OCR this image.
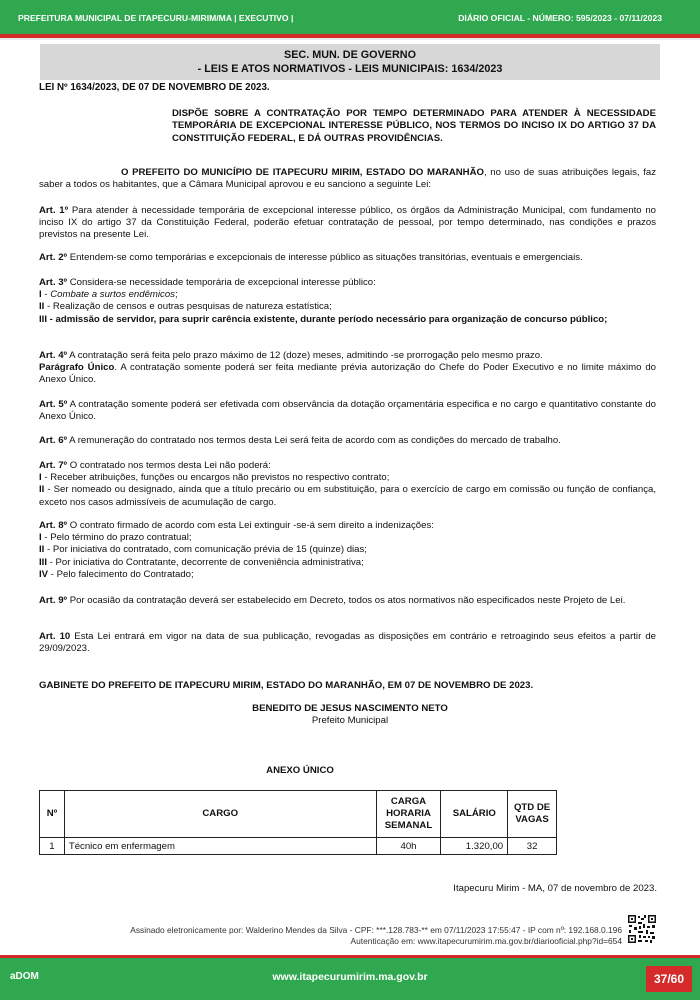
PREFEITURA MUNICIPAL DE ITAPECURU-MIRIM/MA | EXECUTIVO |	DIÁRIO OFICIAL - NÚMERO: 595/2023 - 07/11/2023
SEC. MUN. DE GOVERNO
- LEIS E ATOS NORMATIVOS - LEIS MUNICIPAIS: 1634/2023
LEI Nº 1634/2023, DE 07 DE NOVEMBRO DE 2023.
DISPÕE SOBRE A CONTRATAÇÃO POR TEMPO DETERMINADO PARA ATENDER À NECESSIDADE TEMPORÁRIA DE EXCEPCIONAL INTERESSE PÚBLICO, NOS TERMOS DO INCISO IX DO ARTIGO 37 DA CONSTITUIÇÃO FEDERAL, E DÁ OUTRAS PROVIDÊNCIAS.

O PREFEITO DO MUNICÍPIO DE ITAPECURU MIRIM, ESTADO DO MARANHÃO, no uso de suas atribuições legais, faz saber a todos os habitantes, que a Câmara Municipal aprovou e eu sanciono a seguinte Lei:

Art. 1º Para atender à necessidade temporária de excepcional interesse público, os órgãos da Administração Municipal, com fundamento no inciso IX do artigo 37 da Constituição Federal, poderão efetuar contratação de pessoal, por tempo determinado, nas condições e prazos previstos na presente Lei.

Art. 2º Entendem-se como temporárias e excepcionais de interesse público as situações transitórias, eventuais e emergenciais.

Art. 3º Considera-se necessidade temporária de excepcional interesse público:

I - Combate a surtos endêmicos;

II - Realização de censos e outras pesquisas de natureza estatística;

III - admissão de servidor, para suprir carência existente, durante período necessário para organização de concurso público;

Art. 4º A contratação será feita pelo prazo máximo de 12 (doze) meses, admitindo -se prorrogação pelo mesmo prazo.

Parágrafo Único. A contratação somente poderá ser feita mediante prévia autorização do Chefe do Poder Executivo e no limite máximo do Anexo Único.

Art. 5º A contratação somente poderá ser efetivada com observância da dotação orçamentária especifica e no cargo e quantitativo constante do Anexo Único.

Art. 6º A remuneração do contratado nos termos desta Lei será feita de acordo com as condições do mercado de trabalho.

Art. 7º O contratado nos termos desta Lei não poderá:

I - Receber atribuições, funções ou encargos não previstos no respectivo contrato;

II - Ser nomeado ou designado, ainda que a título precário ou em substituição, para o exercício de cargo em comissão ou função de confiança, exceto nos casos admissíveis de acumulação de cargo.

Art. 8º O contrato firmado de acordo com esta Lei extinguir -se-á sem direito a indenizações:

I - Pelo término do prazo contratual;

II - Por iniciativa do contratado, com comunicação prévia de 15 (quinze) dias;

III - Por iniciativa do Contratante, decorrente de conveniência administrativa;

IV - Pelo falecimento do Contratado;

Art. 9º Por ocasião da contratação deverá ser estabelecido em Decreto, todos os atos normativos não especificados neste Projeto de Lei.

Art. 10 Esta Lei entrará em vigor na data de sua publicação, revogadas as disposições em contrário e retroagindo seus efeitos a partir de 29/09/2023.

GABINETE DO PREFEITO DE ITAPECURU MIRIM, ESTADO DO MARANHÃO, EM 07 DE NOVEMBRO DE 2023.
BENEDITO DE JESUS NASCIMENTO NETO
Prefeito Municipal
ANEXO ÚNICO
Nº	CARGO	CARGA HORARIA SEMANAL	SALÁRIO	QTD DE VAGAS
1	Técnico em enfermagem	40h	1.320,00	32
Itapecuru Mirim - MA, 07 de novembro de 2023.
Assinado eletronicamente por: Walderino Mendes da Silva - CPF: ***.128.783-** em 07/11/2023 17:55:47 - IP com nº: 192.168.0.196
Autenticação em: www.itapecurumirim.ma.gov.br/diariooficial.php?id=654
aDOM	www.itapecurumirim.ma.gov.br	37/60
